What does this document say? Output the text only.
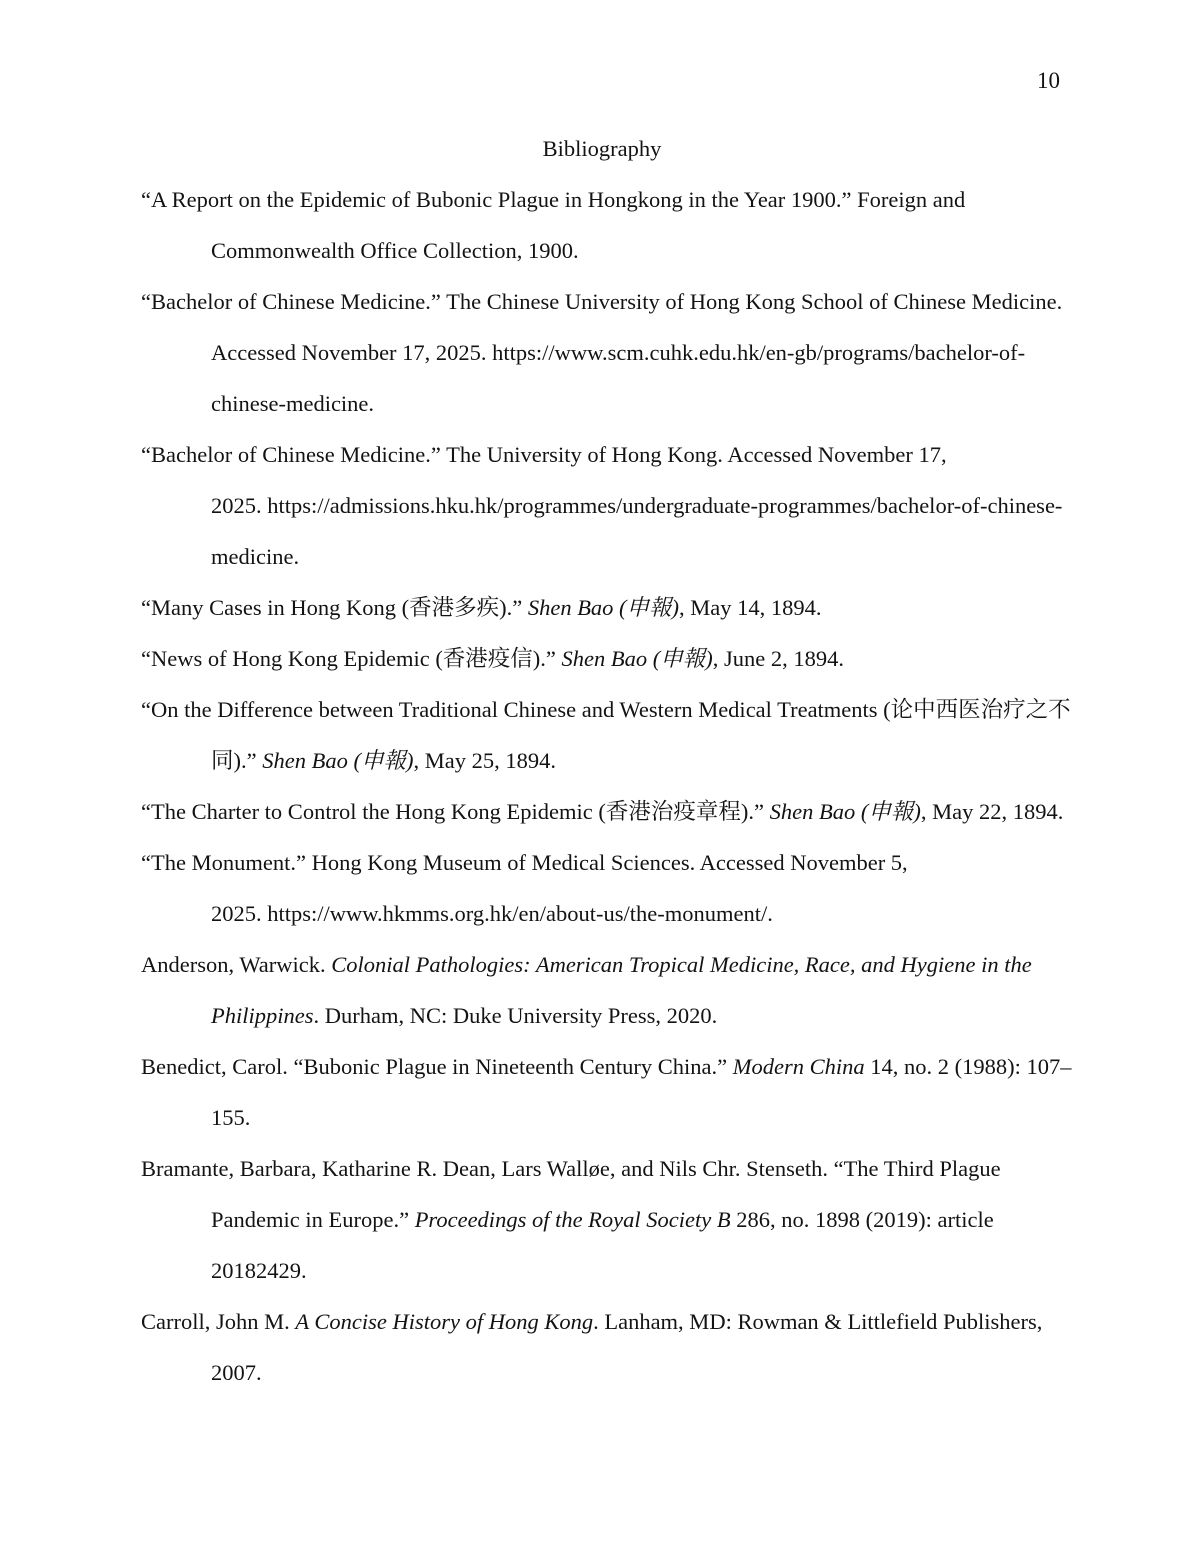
10
Bibliography
“A Report on the Epidemic of Bubonic Plague in Hongkong in the Year 1900.” Foreign and
Commonwealth Office Collection, 1900.
“Bachelor of Chinese Medicine.” The Chinese University of Hong Kong School of Chinese Medicine.
Accessed November 17, 2025. https://www.scm.cuhk.edu.hk/en-gb/programs/bachelor-of-
chinese-medicine.
“Bachelor of Chinese Medicine.” The University of Hong Kong. Accessed November 17,
2025. https://admissions.hku.hk/programmes/undergraduate-programmes/bachelor-of-chinese-
medicine.
“Many Cases in Hong Kong (香港多疾).” Shen Bao (申報), May 14, 1894.
“News of Hong Kong Epidemic (香港疫信).” Shen Bao (申報), June 2, 1894.
“On the Difference between Traditional Chinese and Western Medical Treatments (论中西医治疗之不
同).” Shen Bao (申報), May 25, 1894.
“The Charter to Control the Hong Kong Epidemic (香港治疫章程).” Shen Bao (申報), May 22, 1894.
“The Monument.” Hong Kong Museum of Medical Sciences. Accessed November 5,
2025. https://www.hkmms.org.hk/en/about-us/the-monument/.
Anderson, Warwick. Colonial Pathologies: American Tropical Medicine, Race, and Hygiene in the
Philippines. Durham, NC: Duke University Press, 2020.
Benedict, Carol. “Bubonic Plague in Nineteenth Century China.” Modern China 14, no. 2 (1988): 107–
155.
Bramante, Barbara, Katharine R. Dean, Lars Walløe, and Nils Chr. Stenseth. “The Third Plague
Pandemic in Europe.” Proceedings of the Royal Society B 286, no. 1898 (2019): article
20182429.
Carroll, John M. A Concise History of Hong Kong. Lanham, MD: Rowman & Littlefield Publishers,
2007.
